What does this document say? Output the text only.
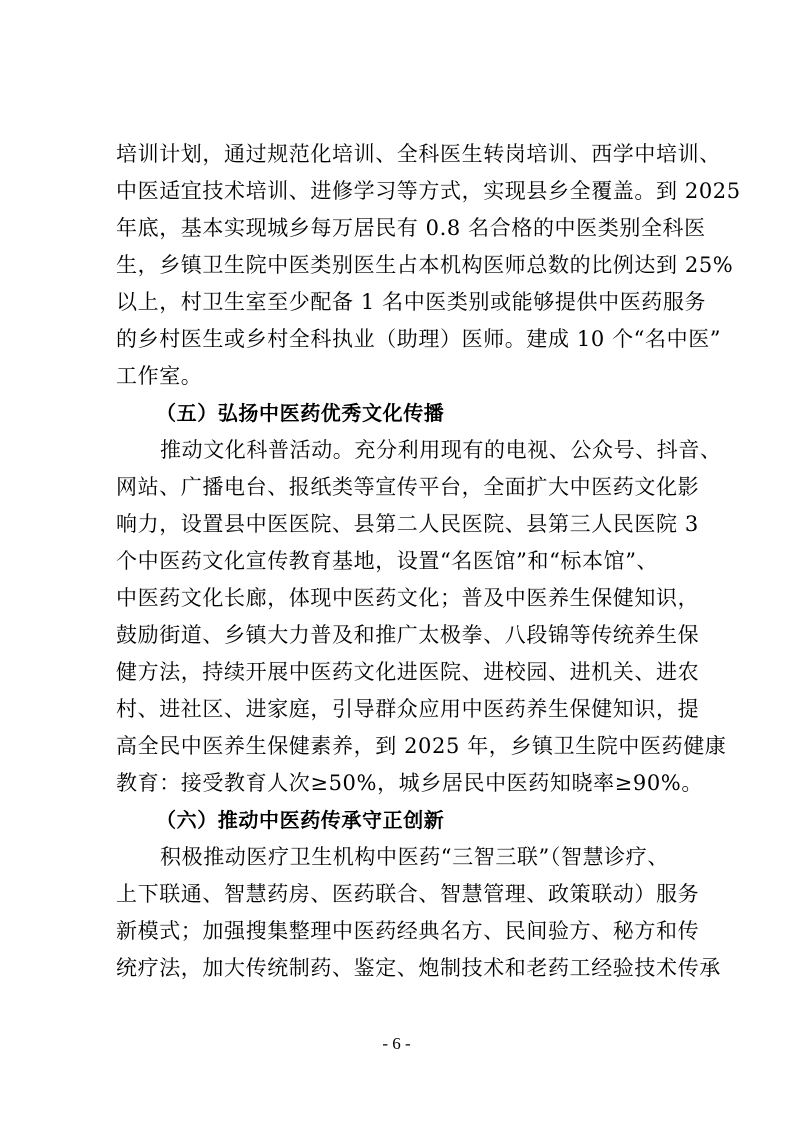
培训计划，通过规范化培训、全科医生转岗培训、西学中培训、
中医适宜技术培训、进修学习等方式，实现县乡全覆盖。到 2025
年底，基本实现城乡每万居民有 0.8 名合格的中医类别全科医
生，乡镇卫生院中医类别医生占本机构医师总数的比例达到 25%
以上，村卫生室至少配备 1 名中医类别或能够提供中医药服务
的乡村医生或乡村全科执业（助理）医师。建成 10 个“名中医”
工作室。
（五）弘扬中医药优秀文化传播
推动文化科普活动。充分利用现有的电视、公众号、抖音、
网站、广播电台、报纸类等宣传平台，全面扩大中医药文化影
响力，设置县中医医院、县第二人民医院、县第三人民医院 3
个中医药文化宣传教育基地，设置“名医馆”和“标本馆”、
中医药文化长廊，体现中医药文化；普及中医养生保健知识，
鼓励街道、乡镇大力普及和推广太极拳、八段锦等传统养生保
健方法，持续开展中医药文化进医院、进校园、进机关、进农
村、进社区、进家庭，引导群众应用中医药养生保健知识，提
高全民中医养生保健素养，到 2025 年，乡镇卫生院中医药健康
教育：接受教育人次≥50%，城乡居民中医药知晓率≥90%。
（六）推动中医药传承守正创新
积极推动医疗卫生机构中医药“三智三联”（智慧诊疗、
上下联通、智慧药房、医药联合、智慧管理、政策联动）服务
新模式；加强搜集整理中医药经典名方、民间验方、秘方和传
统疗法，加大传统制药、鉴定、炮制技术和老药工经验技术传承
- 6 -
